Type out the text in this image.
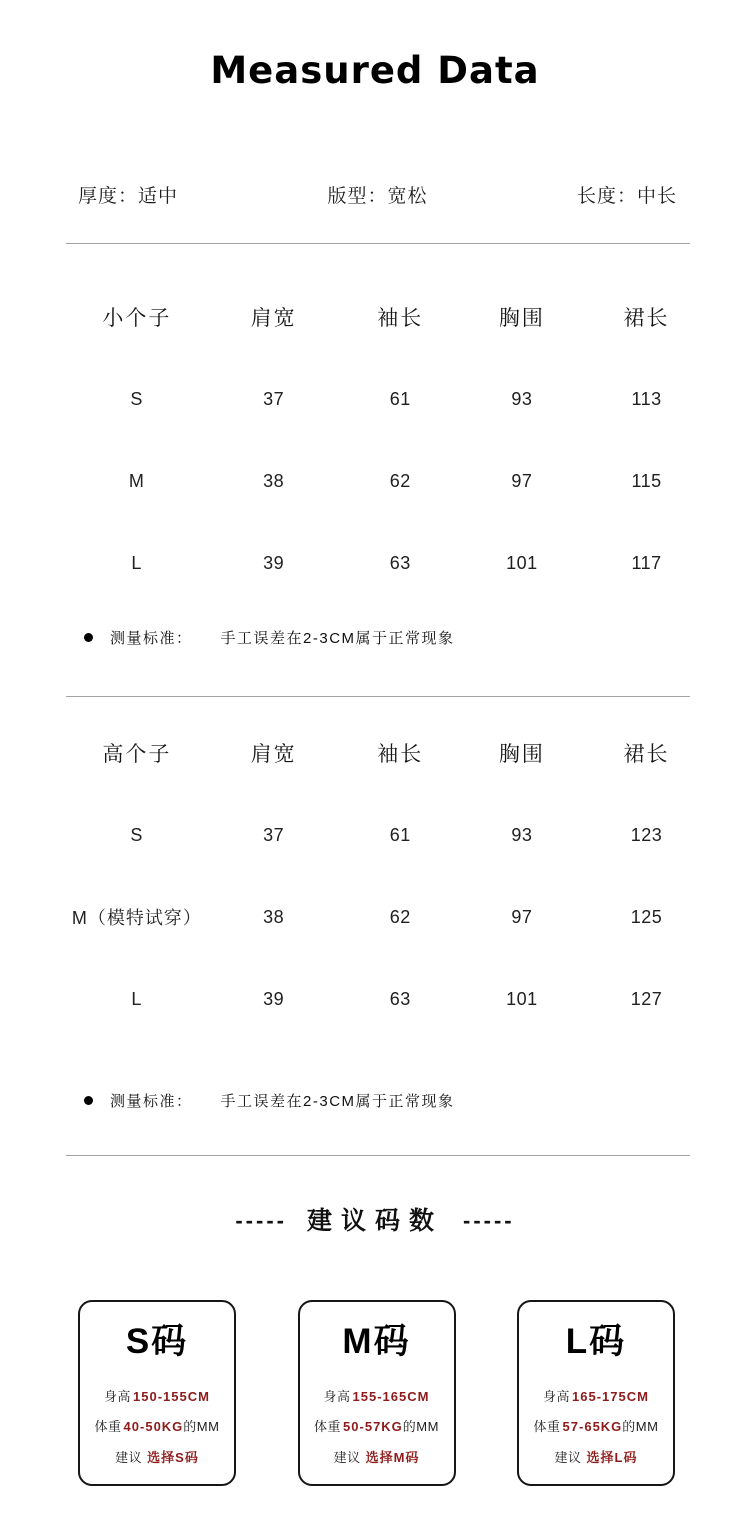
Measured Data
厚度：适中	版型：宽松	长度：中长
小个子	肩宽	袖长	胸围	裙长
S	37	61	93	113
M	38	62	97	115
L	39	63	101	117
测量标准： 手工误差在2-3CM属于正常现象
高个子	肩宽	袖长	胸围	裙长
S	37	61	93	123
M（模特试穿）	38	62	97	125
L	39	63	101	127
测量标准： 手工误差在2-3CM属于正常现象
----- 建议码数 -----
S码
身高 150-155CM
体重 40-50KG的MM
建议 选择S码
M码
身高 155-165CM
体重 50-57KG的MM
建议 选择M码
L码
身高 165-175CM
体重 57-65KG的MM
建议 选择L码
